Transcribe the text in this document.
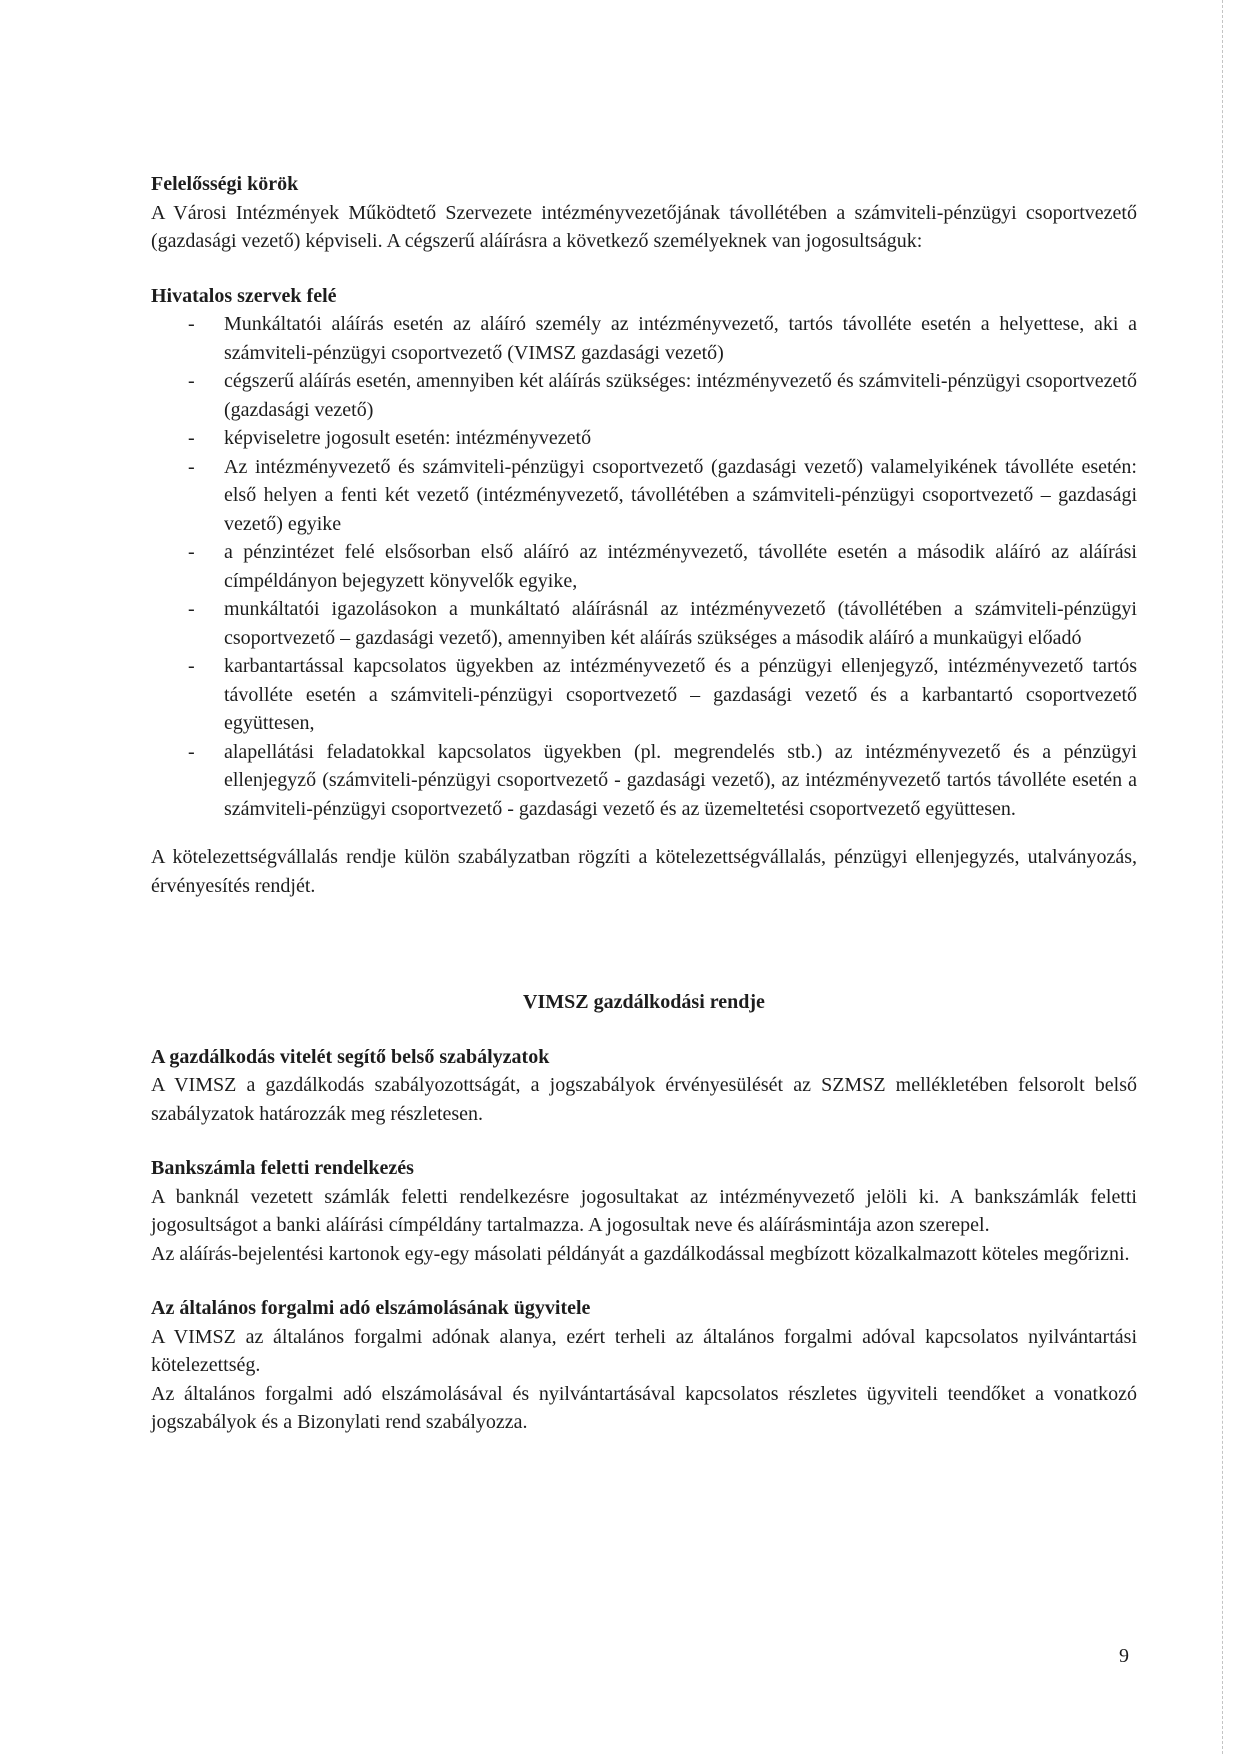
Felelősségi körök

A Városi Intézmények Működtető Szervezete intézményvezetőjának távollétében a számviteli-pénzügyi csoportvezető (gazdasági vezető) képviseli. A cégszerű aláírásra a következő személyeknek van jogosultságuk:

Hivatalos szervek felé

- Munkáltatói aláírás esetén az aláíró személy az intézményvezető, tartós távolléte esetén a helyettese, aki a számviteli-pénzügyi csoportvezető (VIMSZ gazdasági vezető)
- cégszerű aláírás esetén, amennyiben két aláírás szükséges: intézményvezető és számviteli-pénzügyi csoportvezető (gazdasági vezető)
- képviseletre jogosult esetén: intézményvezető
- Az intézményvezető és számviteli-pénzügyi csoportvezető (gazdasági vezető) valamelyikének távolléte esetén: első helyen a fenti két vezető (intézményvezető, távollétében a számviteli-pénzügyi csoportvezető – gazdasági vezető) egyike
- a pénzintézet felé elsősorban első aláíró az intézményvezető, távolléte esetén a második aláíró az aláírási címpéldányon bejegyzett könyvelők egyike,
- munkáltatói igazolásokon a munkáltató aláírásnál az intézményvezető (távollétében a számviteli-pénzügyi csoportvezető – gazdasági vezető), amennyiben két aláírás szükséges a második aláíró a munkaügyi előadó
- karbantartással kapcsolatos ügyekben az intézményvezető és a pénzügyi ellenjegyző, intézményvezető tartós távolléte esetén a számviteli-pénzügyi csoportvezető – gazdasági vezető és a karbantartó csoportvezető együttesen,
- alapellátási feladatokkal kapcsolatos ügyekben (pl. megrendelés stb.) az intézményvezető és a pénzügyi ellenjegyző (számviteli-pénzügyi csoportvezető - gazdasági vezető), az intézményvezető tartós távolléte esetén a számviteli-pénzügyi csoportvezető - gazdasági vezető és az üzemeltetési csoportvezető együttesen.

A kötelezettségvállalás rendje külön szabályzatban rögzíti a kötelezettségvállalás, pénzügyi ellenjegyzés, utalványozás, érvényesítés rendjét.

VIMSZ gazdálkodási rendje

A gazdálkodás vitelét segítő belső szabályzatok

A VIMSZ a gazdálkodás szabályozottságát, a jogszabályok érvényesülését az SZMSZ mellékletében felsorolt belső szabályzatok határozzák meg részletesen.

Bankszámla feletti rendelkezés

A banknál vezetett számlák feletti rendelkezésre jogosultakat az intézményvezető jelöli ki. A bankszámlák feletti jogosultságot a banki aláírási címpéldány tartalmazza. A jogosultak neve és aláírásmintája azon szerepel.

Az aláírás-bejelentési kartonok egy-egy másolati példányát a gazdálkodással megbízott közalkalmazott köteles megőrizni.

Az általános forgalmi adó elszámolásának ügyvitele

A VIMSZ az általános forgalmi adónak alanya, ezért terheli az általános forgalmi adóval kapcsolatos nyilvántartási kötelezettség.

Az általános forgalmi adó elszámolásával és nyilvántartásával kapcsolatos részletes ügyviteli teendőket a vonatkozó jogszabályok és a Bizonylati rend szabályozza.

9
